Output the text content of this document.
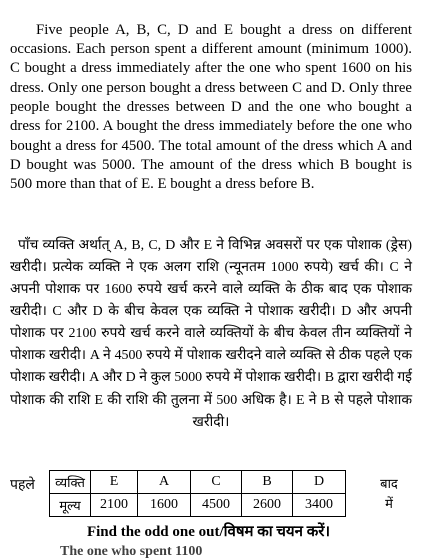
Five people A, B, C, D and E bought a dress on different occasions. Each person spent a different amount (minimum 1000). C bought a dress immediately after the one who spent 1600 on his dress. Only one person bought a dress between C and D. Only three people bought the dresses between D and the one who bought a dress for 2100. A bought the dress immediately before the one who bought a dress for 4500. The total amount of the dress which A and D bought was 5000. The amount of the dress which B bought is 500 more than that of E. E bought a dress before B.

पाँच व्यक्ति अर्थात् A, B, C, D और E ने विभिन्न अवसरों पर एक पोशाक (ड्रेस) खरीदी। प्रत्येक व्यक्ति ने एक अलग राशि (न्यूनतम 1000 रुपये) खर्च की। C ने अपनी पोशाक पर 1600 रुपये खर्च करने वाले व्यक्ति के ठीक बाद एक पोशाक खरीदी। C और D के बीच केवल एक व्यक्ति ने पोशाक खरीदी। D और अपनी पोशाक पर 2100 रुपये खर्च करने वाले व्यक्तियों के बीच केवल तीन व्यक्तियों ने पोशाक खरीदी। A ने 4500 रुपये में पोशाक खरीदने वाले व्यक्ति से ठीक पहले एक पोशाक खरीदी। A और D ने कुल 5000 रुपये में पोशाक खरीदी। B द्वारा खरीदी गई पोशाक की राशि E की राशि की तुलना में 500 अधिक है। E ने B से पहले पोशाक खरीदी।

पहले व्यक्ति	E	A	C	B	D
मूल्य	2100	1600	4500	2600	3400
बाद में
Find the odd one out/विषम का चयन करें।
The one who spent 1100
